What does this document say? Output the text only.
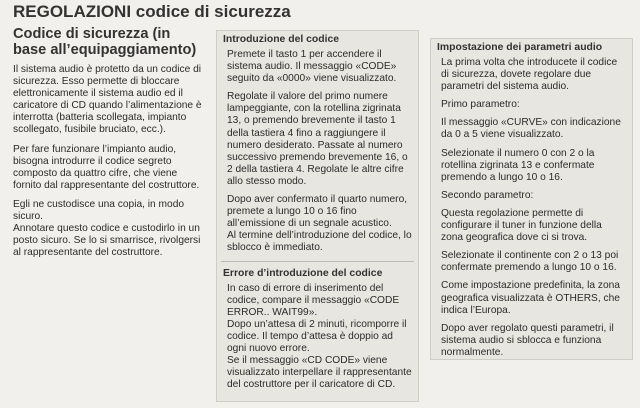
REGOLAZIONI codice di sicurezza
Codice di sicurezza (in base all’equipaggiamento)

Il sistema audio è protetto da un codice di sicurezza. Esso permette di bloccare elettronicamente il sistema audio ed il caricatore di CD quando l’alimentazione è interrotta (batteria scollegata, impianto scollegato, fusibile bruciato, ecc.).

Per fare funzionare l’impianto audio, bisogna introdurre il codice segreto composto da quattro cifre, che viene fornito dal rappresentante del costruttore.

Egli ne custodisce una copia, in modo sicuro.

Annotare questo codice e custodirlo in un posto sicuro. Se lo si smarrisce, rivolgersi al rappresentante del costruttore.

Introduzione del codice

Premete il tasto 1 per accendere il sistema audio. Il messaggio «CODE» seguito da «0000» viene visualizzato.

Regolate il valore del primo numere lampeggiante, con la rotellina zigrinata 13, o premendo brevemente il tasto 1 della tastiera 4 fino a raggiungere il numero desiderato. Passate al numero successivo premendo brevemente 16, o 2 della tastiera 4. Regolate le altre cifre allo stesso modo.

Dopo aver confermato il quarto numero, premete a lungo 10 o 16 fino all’emissione di un segnale acustico.

Al termine dell’introduzione del codice, lo sblocco è immediato.

Errore d’introduzione del codice

In caso di errore di inserimento del codice, compare il messaggio «CODE ERROR.. WAIT99».

Dopo un’attesa di 2 minuti, ricomporre il codice. Il tempo d’attesa è doppio ad ogni nuovo errore.

Se il messaggio «CD CODE» viene visualizzato interpellare il rappresentante del costruttore per il caricatore di CD.

Impostazione dei parametri audio

La prima volta che introducete il codice di sicurezza, dovete regolare due parametri del sistema audio.

Primo parametro:

Il messaggio «CURVE» con indicazione da 0 a 5 viene visualizzato.

Selezionate il numero 0 con 2 o la rotellina zigrinata 13 e confermate premendo a lungo 10 o 16.

Secondo parametro:

Questa regolazione permette di configurare il tuner in funzione della zona geografica dove ci si trova.

Selezionate il continente con 2 o 13 poi confermate premendo a lungo 10 o 16.

Come impostazione predefinita, la zona geografica visualizzata è OTHERS, che indica l’Europa.

Dopo aver regolato questi parametri, il sistema audio si sblocca e funziona normalmente.
